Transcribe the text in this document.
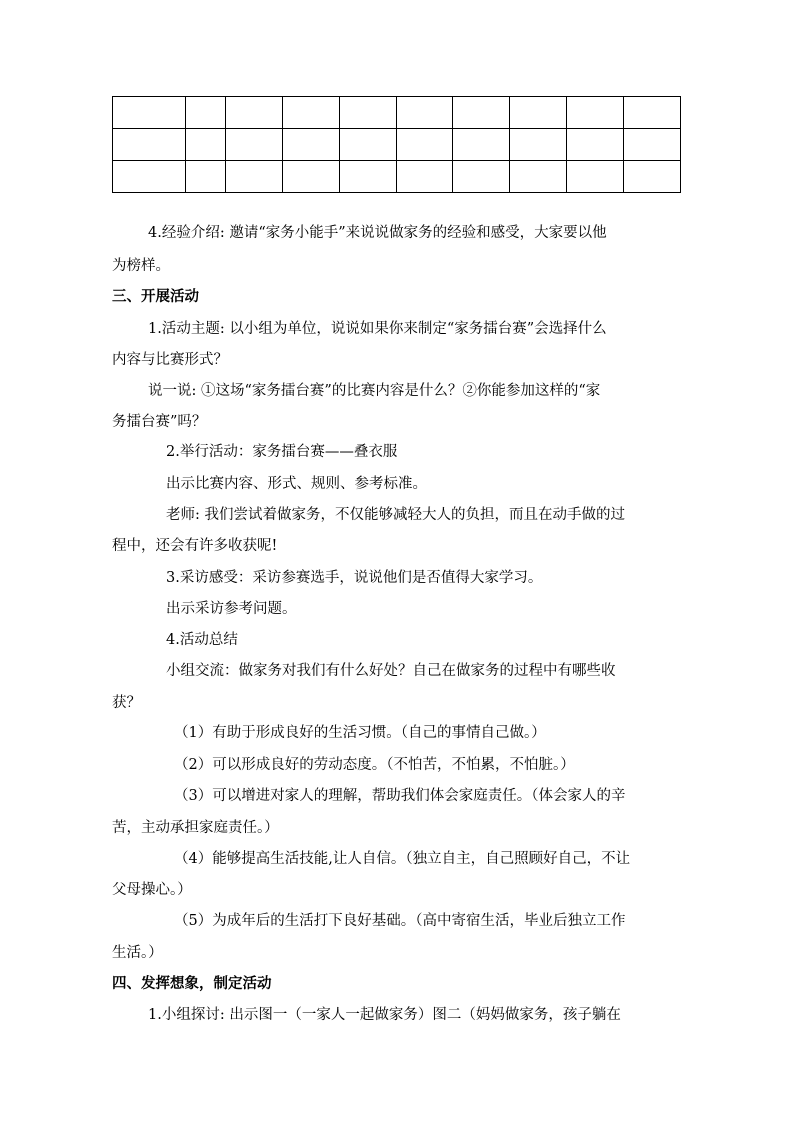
4.经验介绍: 邀请“家务小能手”来说说做家务的经验和感受，大家要以他
为榜样。
三、开展活动
1.活动主题: 以小组为单位，说说如果你来制定“家务擂台赛”会选择什么
内容与比赛形式？
说一说: ①这场“家务擂台赛”的比赛内容是什么？②你能参加这样的“家
务擂台赛”吗？
2.举行活动：家务擂台赛——叠衣服
出示比赛内容、形式、规则、参考标准。
老师: 我们尝试着做家务，不仅能够减轻大人的负担，而且在动手做的过
程中，还会有许多收获呢!
3.采访感受：采访参赛选手，说说他们是否值得大家学习。
出示采访参考问题。
4.活动总结
小组交流：做家务对我们有什么好处？自己在做家务的过程中有哪些收
获？
（1）有助于形成良好的生活习惯。（自己的事情自己做。）
（2）可以形成良好的劳动态度。（不怕苦，不怕累，不怕脏。）
（3）可以增进对家人的理解，帮助我们体会家庭责任。（体会家人的辛
苦，主动承担家庭责任。）
（4）能够提高生活技能,让人自信。（独立自主，自己照顾好自己，不让
父母操心。）
（5）为成年后的生活打下良好基础。（高中寄宿生活，毕业后独立工作
生活。）
四、发挥想象，制定活动
1.小组探讨: 出示图一（一家人一起做家务）图二（妈妈做家务，孩子躺在
